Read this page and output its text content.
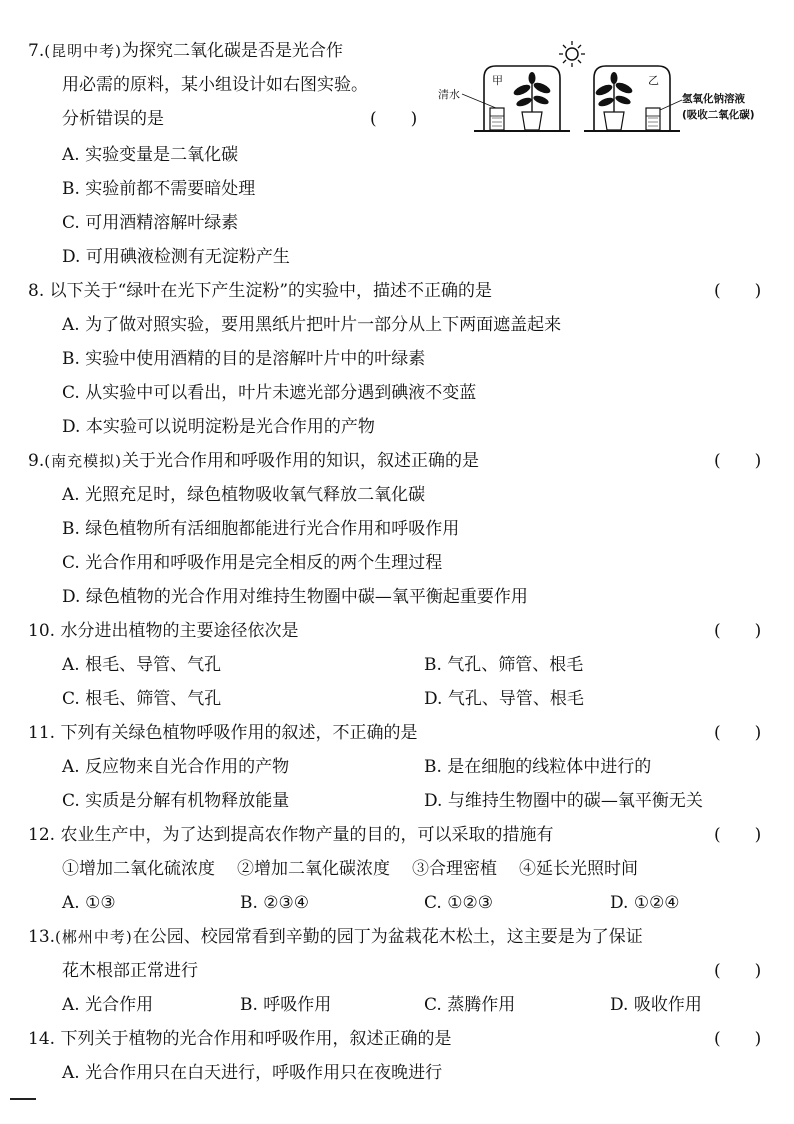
7.(昆明中考)为探究二氧化碳是否是光合作
用必需的原料，某小组设计如右图实验。
分析错误的是	(　　)
A. 实验变量是二氧化碳
B. 实验前都不需要暗处理
C. 可用酒精溶解叶绿素
D. 可用碘液检测有无淀粉产生
甲
清水
乙
氢氧化钠溶液
(吸收二氧化碳)
8. 以下关于“绿叶在光下产生淀粉”的实验中，描述不正确的是	(　　)
A. 为了做对照实验，要用黑纸片把叶片一部分从上下两面遮盖起来
B. 实验中使用酒精的目的是溶解叶片中的叶绿素
C. 从实验中可以看出，叶片未遮光部分遇到碘液不变蓝
D. 本实验可以说明淀粉是光合作用的产物
9.(南充模拟)关于光合作用和呼吸作用的知识，叙述正确的是	(　　)
A. 光照充足时，绿色植物吸收氧气释放二氧化碳
B. 绿色植物所有活细胞都能进行光合作用和呼吸作用
C. 光合作用和呼吸作用是完全相反的两个生理过程
D. 绿色植物的光合作用对维持生物圈中碳—氧平衡起重要作用
10. 水分进出植物的主要途径依次是	(　　)
A. 根毛、导管、气孔	B. 气孔、筛管、根毛
C. 根毛、筛管、气孔	D. 气孔、导管、根毛
11. 下列有关绿色植物呼吸作用的叙述，不正确的是	(　　)
A. 反应物来自光合作用的产物	B. 是在细胞的线粒体中进行的
C. 实质是分解有机物释放能量	D. 与维持生物圈中的碳—氧平衡无关
12. 农业生产中，为了达到提高农作物产量的目的，可以采取的措施有	(　　)
①增加二氧化硫浓度 ②增加二氧化碳浓度 ③合理密植 ④延长光照时间
A. ①③	B. ②③④	C. ①②③	D. ①②④
13.(郴州中考)在公园、校园常看到辛勤的园丁为盆栽花木松土，这主要是为了保证
花木根部正常进行	(　　)
A. 光合作用	B. 呼吸作用	C. 蒸腾作用	D. 吸收作用
14. 下列关于植物的光合作用和呼吸作用，叙述正确的是	(　　)
A. 光合作用只在白天进行，呼吸作用只在夜晚进行
